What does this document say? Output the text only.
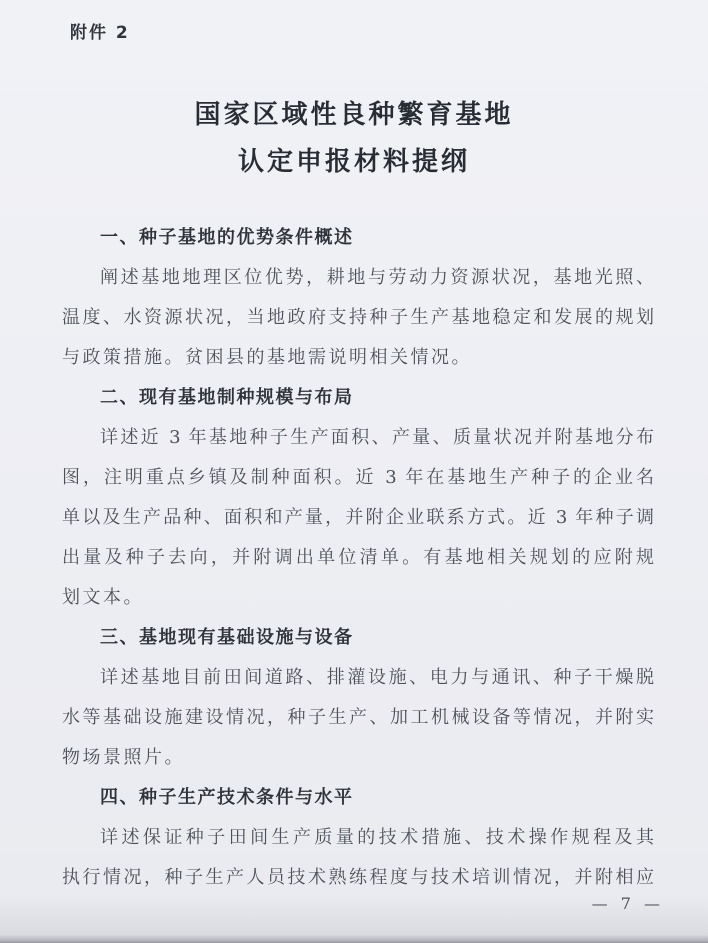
附件 2
国家区域性良种繁育基地
认定申报材料提纲
一、种子基地的优势条件概述
阐述基地地理区位优势，耕地与劳动力资源状况，基地光照、
温度、水资源状况，当地政府支持种子生产基地稳定和发展的规划
与政策措施。贫困县的基地需说明相关情况。
二、现有基地制种规模与布局
详述近 3 年基地种子生产面积、产量、质量状况并附基地分布
图，注明重点乡镇及制种面积。近 3 年在基地生产种子的企业名
单以及生产品种、面积和产量，并附企业联系方式。近 3 年种子调
出量及种子去向，并附调出单位清单。有基地相关规划的应附规
划文本。
三、基地现有基础设施与设备
详述基地目前田间道路、排灌设施、电力与通讯、种子干燥脱
水等基础设施建设情况，种子生产、加工机械设备等情况，并附实
物场景照片。
四、种子生产技术条件与水平
详述保证种子田间生产质量的技术措施、技术操作规程及其
执行情况，种子生产人员技术熟练程度与技术培训情况，并附相应
— 7 —
